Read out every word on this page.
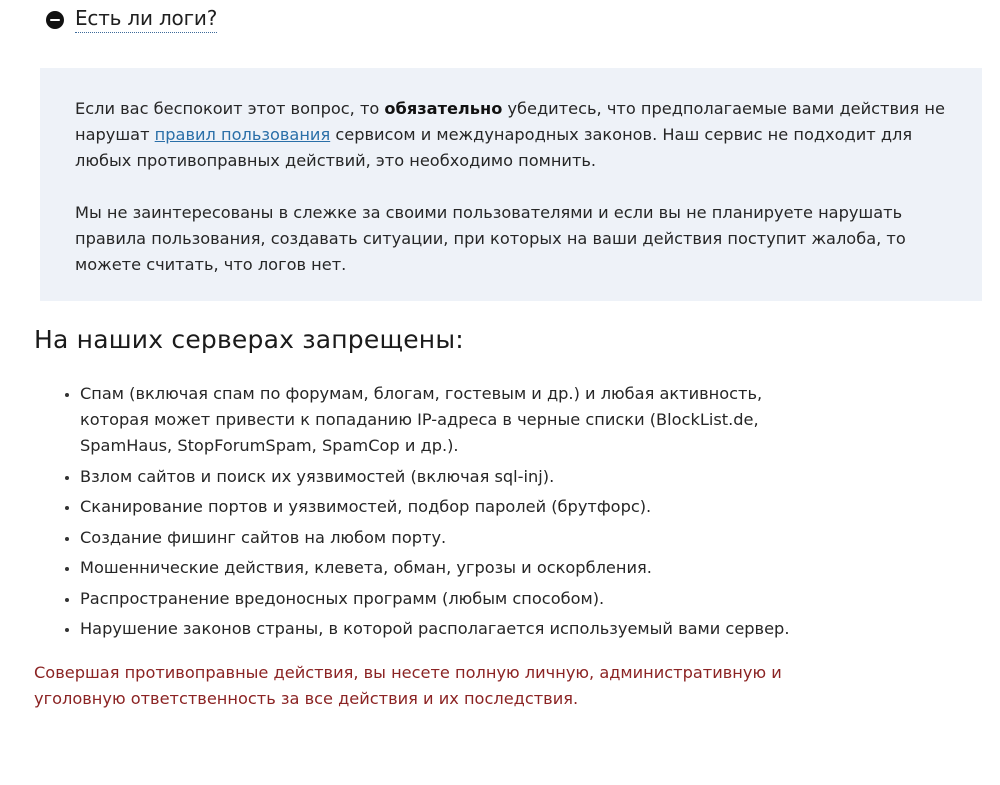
Есть ли логи?

Если вас беспокоит этот вопрос, то обязательно убедитесь, что предполагаемые вами действия не нарушат правил пользования сервисом и международных законов. Наш сервис не подходит для любых противоправных действий, это необходимо помнить.

Мы не заинтересованы в слежке за своими пользователями и если вы не планируете нарушать правила пользования, создавать ситуации, при которых на ваши действия поступит жалоба, то можете считать, что логов нет.

На наших серверах запрещены:
Спам (включая спам по форумам, блогам, гостевым и др.) и любая активность, которая может привести к попаданию IP-адреса в черные списки (BlockList.de, SpamHaus, StopForumSpam, SpamCop и др.).
Взлом сайтов и поиск их уязвимостей (включая sql-inj).
Сканирование портов и уязвимостей, подбор паролей (брутфорс).
Создание фишинг сайтов на любом порту.
Мошеннические действия, клевета, обман, угрозы и оскорбления.
Распространение вредоносных программ (любым способом).
Нарушение законов страны, в которой располагается используемый вами сервер.

Совершая противоправные действия, вы несете полную личную, административную и уголовную ответственность за все действия и их последствия.
